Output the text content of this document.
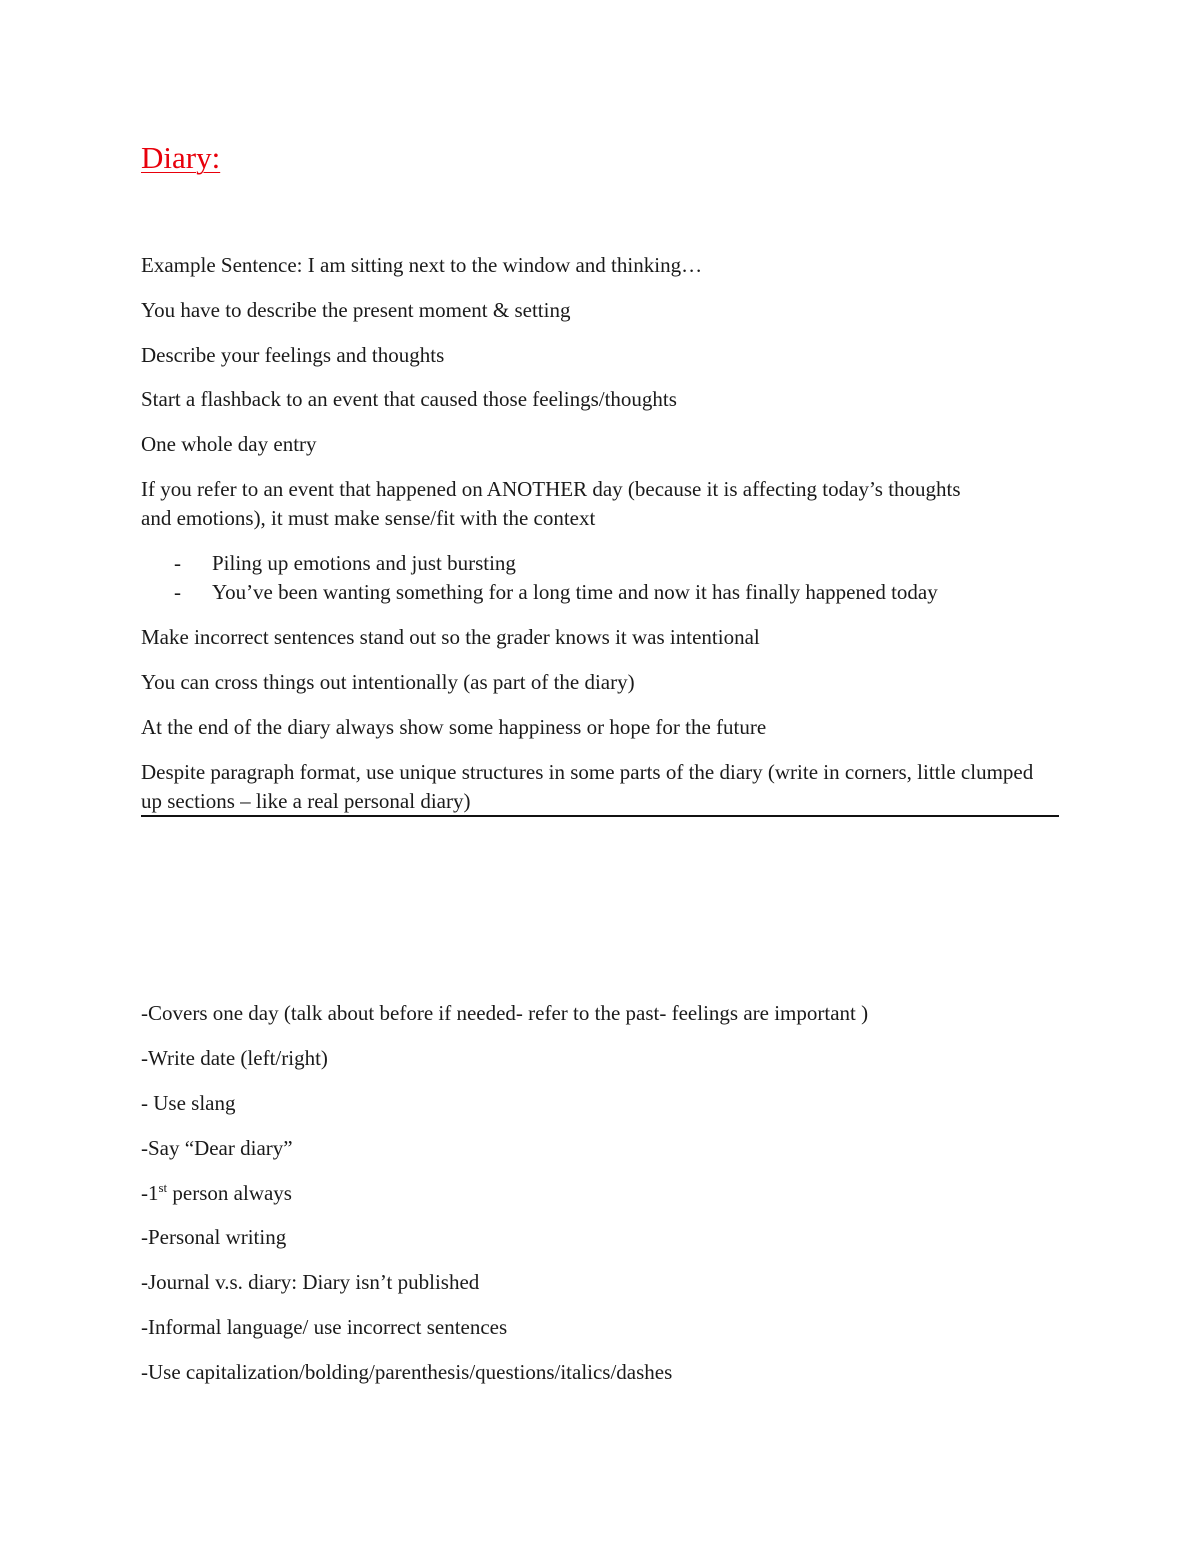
Diary:

Example Sentence: I am sitting next to the window and thinking…

You have to describe the present moment & setting

Describe your feelings and thoughts

Start a flashback to an event that caused those feelings/thoughts

One whole day entry

If you refer to an event that happened on ANOTHER day (because it is affecting today’s thoughts and emotions), it must make sense/fit with the context

- Piling up emotions and just bursting
- You’ve been wanting something for a long time and now it has finally happened today

Make incorrect sentences stand out so the grader knows it was intentional

You can cross things out intentionally (as part of the diary)

At the end of the diary always show some happiness or hope for the future

Despite paragraph format, use unique structures in some parts of the diary (write in corners, little clumped up sections – like a real personal diary)

-Covers one day (talk about before if needed- refer to the past- feelings are important )

-Write date (left/right)

- Use slang

-Say “Dear diary”

-1st person always

-Personal writing

-Journal v.s. diary: Diary isn’t published

-Informal language/ use incorrect sentences

-Use capitalization/bolding/parenthesis/questions/italics/dashes
